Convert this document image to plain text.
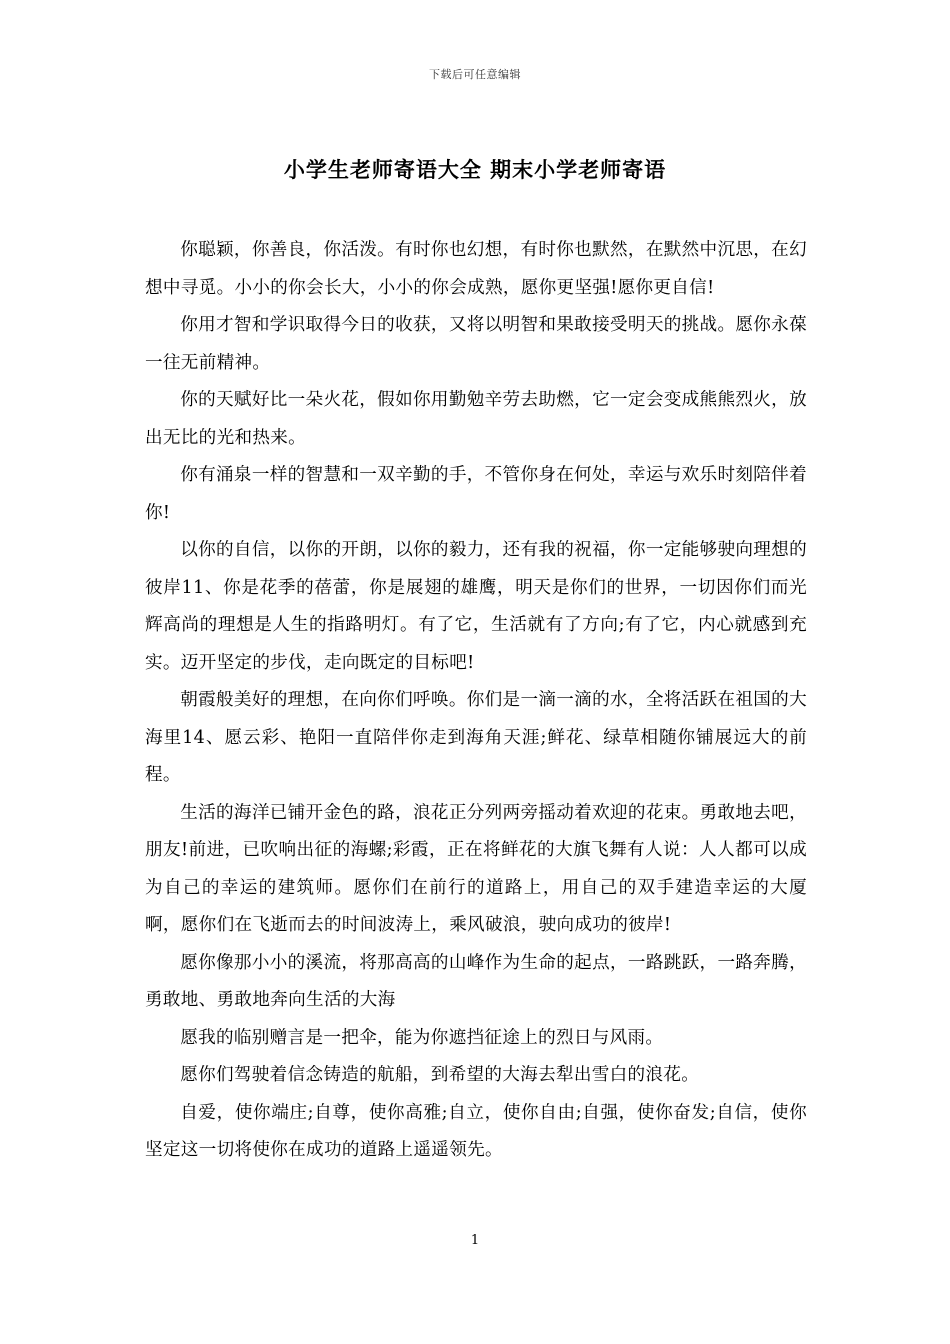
下载后可任意编辑
小学生老师寄语大全 期末小学老师寄语

你聪颖，你善良，你活泼。有时你也幻想，有时你也默然，在默然中沉思，在幻想中寻觅。小小的你会长大，小小的你会成熟，愿你更坚强!愿你更自信!

你用才智和学识取得今日的收获，又将以明智和果敢接受明天的挑战。愿你永葆一往无前精神。

你的天赋好比一朵火花，假如你用勤勉辛劳去助燃，它一定会变成熊熊烈火，放出无比的光和热来。

你有涌泉一样的智慧和一双辛勤的手，不管你身在何处，幸运与欢乐时刻陪伴着你!

以你的自信，以你的开朗，以你的毅力，还有我的祝福，你一定能够驶向理想的彼岸11、你是花季的蓓蕾，你是展翅的雄鹰，明天是你们的世界，一切因你们而光辉高尚的理想是人生的指路明灯。有了它，生活就有了方向;有了它，内心就感到充实。迈开坚定的步伐，走向既定的目标吧!

朝霞般美好的理想，在向你们呼唤。你们是一滴一滴的水，全将活跃在祖国的大海里14、愿云彩、艳阳一直陪伴你走到海角天涯;鲜花、绿草相随你铺展远大的前程。

生活的海洋已铺开金色的路，浪花正分列两旁摇动着欢迎的花束。勇敢地去吧，朋友!前进，已吹响出征的海螺;彩霞，正在将鲜花的大旗飞舞有人说：人人都可以成为自己的幸运的建筑师。愿你们在前行的道路上，用自己的双手建造幸运的大厦啊，愿你们在飞逝而去的时间波涛上，乘风破浪，驶向成功的彼岸!

愿你像那小小的溪流，将那高高的山峰作为生命的起点，一路跳跃，一路奔腾，勇敢地、勇敢地奔向生活的大海

愿我的临别赠言是一把伞，能为你遮挡征途上的烈日与风雨。

愿你们驾驶着信念铸造的航船，到希望的大海去犁出雪白的浪花。

自爱，使你端庄;自尊，使你高雅;自立，使你自由;自强，使你奋发;自信，使你坚定这一切将使你在成功的道路上遥遥领先。

1
